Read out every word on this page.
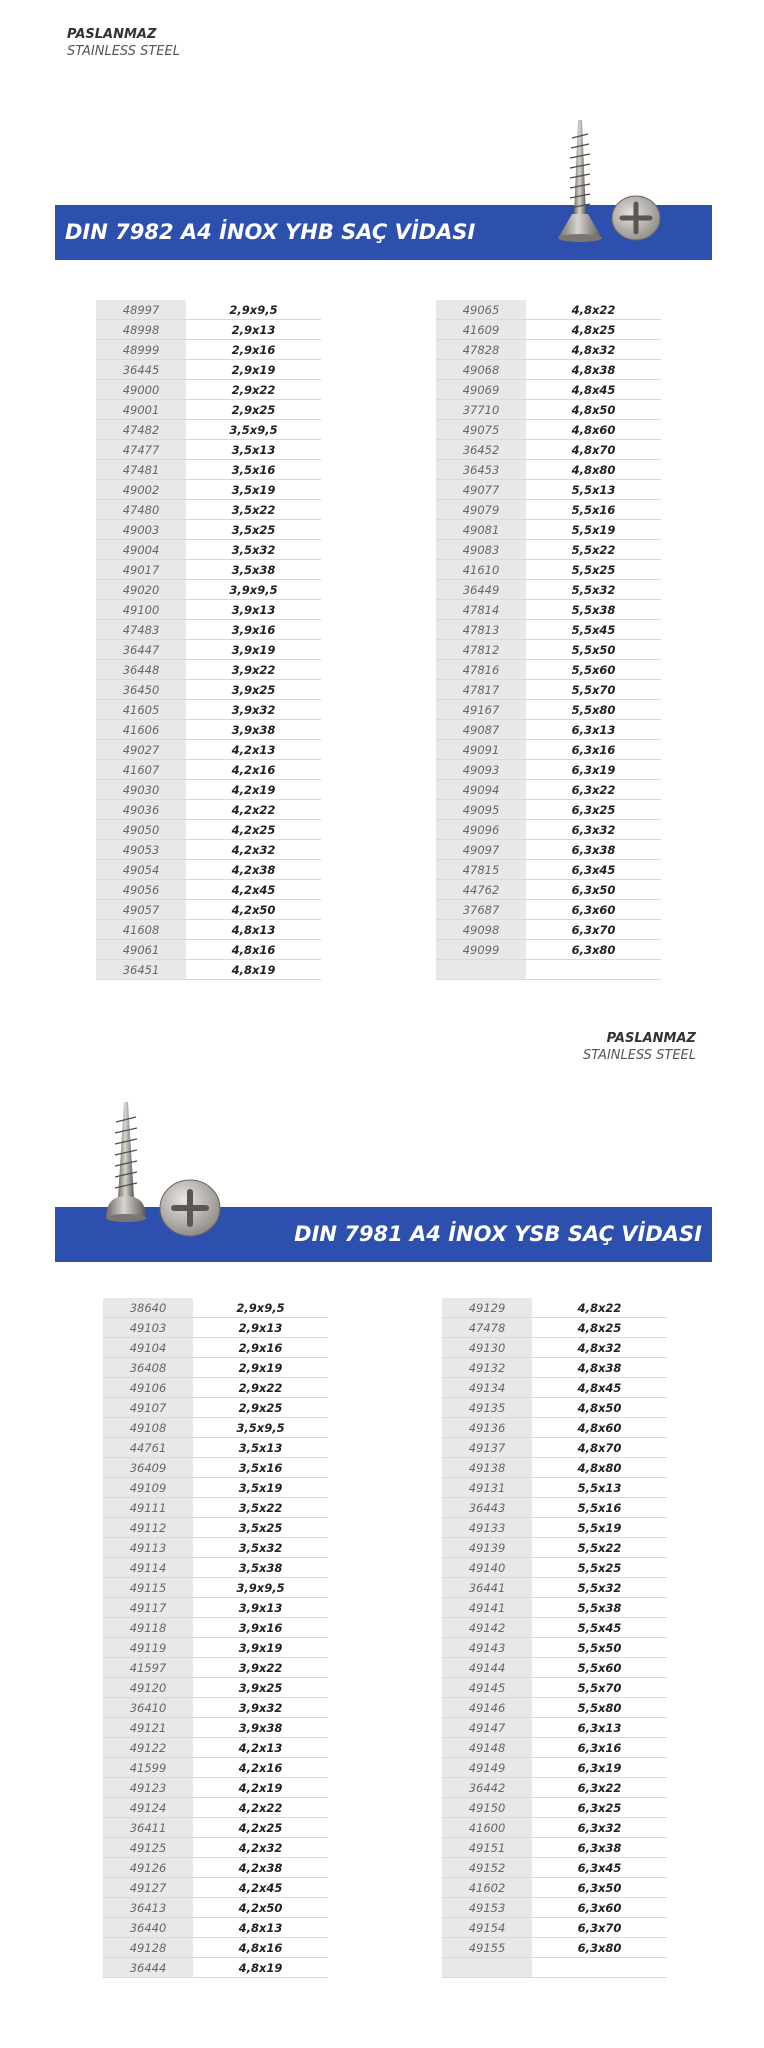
PASLANMAZ
STAINLESS STEEL
DIN 7982 A4 İNOX YHB SAÇ VİDASI
48997	2,9x9,5
48998	2,9x13
48999	2,9x16
36445	2,9x19
49000	2,9x22
49001	2,9x25
47482	3,5x9,5
47477	3,5x13
47481	3,5x16
49002	3,5x19
47480	3,5x22
49003	3,5x25
49004	3,5x32
49017	3,5x38
49020	3,9x9,5
49100	3,9x13
47483	3,9x16
36447	3,9x19
36448	3,9x22
36450	3,9x25
41605	3,9x32
41606	3,9x38
49027	4,2x13
41607	4,2x16
49030	4,2x19
49036	4,2x22
49050	4,2x25
49053	4,2x32
49054	4,2x38
49056	4,2x45
49057	4,2x50
41608	4,8x13
49061	4,8x16
36451	4,8x19
49065	4,8x22
41609	4,8x25
47828	4,8x32
49068	4,8x38
49069	4,8x45
37710	4,8x50
49075	4,8x60
36452	4,8x70
36453	4,8x80
49077	5,5x13
49079	5,5x16
49081	5,5x19
49083	5,5x22
41610	5,5x25
36449	5,5x32
47814	5,5x38
47813	5,5x45
47812	5,5x50
47816	5,5x60
47817	5,5x70
49167	5,5x80
49087	6,3x13
49091	6,3x16
49093	6,3x19
49094	6,3x22
49095	6,3x25
49096	6,3x32
49097	6,3x38
47815	6,3x45
44762	6,3x50
37687	6,3x60
49098	6,3x70
49099	6,3x80

PASLANMAZ
STAINLESS STEEL
DIN 7981 A4 İNOX YSB SAÇ VİDASI
38640	2,9x9,5
49103	2,9x13
49104	2,9x16
36408	2,9x19
49106	2,9x22
49107	2,9x25
49108	3,5x9,5
44761	3,5x13
36409	3,5x16
49109	3,5x19
49111	3,5x22
49112	3,5x25
49113	3,5x32
49114	3,5x38
49115	3,9x9,5
49117	3,9x13
49118	3,9x16
49119	3,9x19
41597	3,9x22
49120	3,9x25
36410	3,9x32
49121	3,9x38
49122	4,2x13
41599	4,2x16
49123	4,2x19
49124	4,2x22
36411	4,2x25
49125	4,2x32
49126	4,2x38
49127	4,2x45
36413	4,2x50
36440	4,8x13
49128	4,8x16
36444	4,8x19
49129	4,8x22
47478	4,8x25
49130	4,8x32
49132	4,8x38
49134	4,8x45
49135	4,8x50
49136	4,8x60
49137	4,8x70
49138	4,8x80
49131	5,5x13
36443	5,5x16
49133	5,5x19
49139	5,5x22
49140	5,5x25
36441	5,5x32
49141	5,5x38
49142	5,5x45
49143	5,5x50
49144	5,5x60
49145	5,5x70
49146	5,5x80
49147	6,3x13
49148	6,3x16
49149	6,3x19
36442	6,3x22
49150	6,3x25
41600	6,3x32
49151	6,3x38
49152	6,3x45
41602	6,3x50
49153	6,3x60
49154	6,3x70
49155	6,3x80
